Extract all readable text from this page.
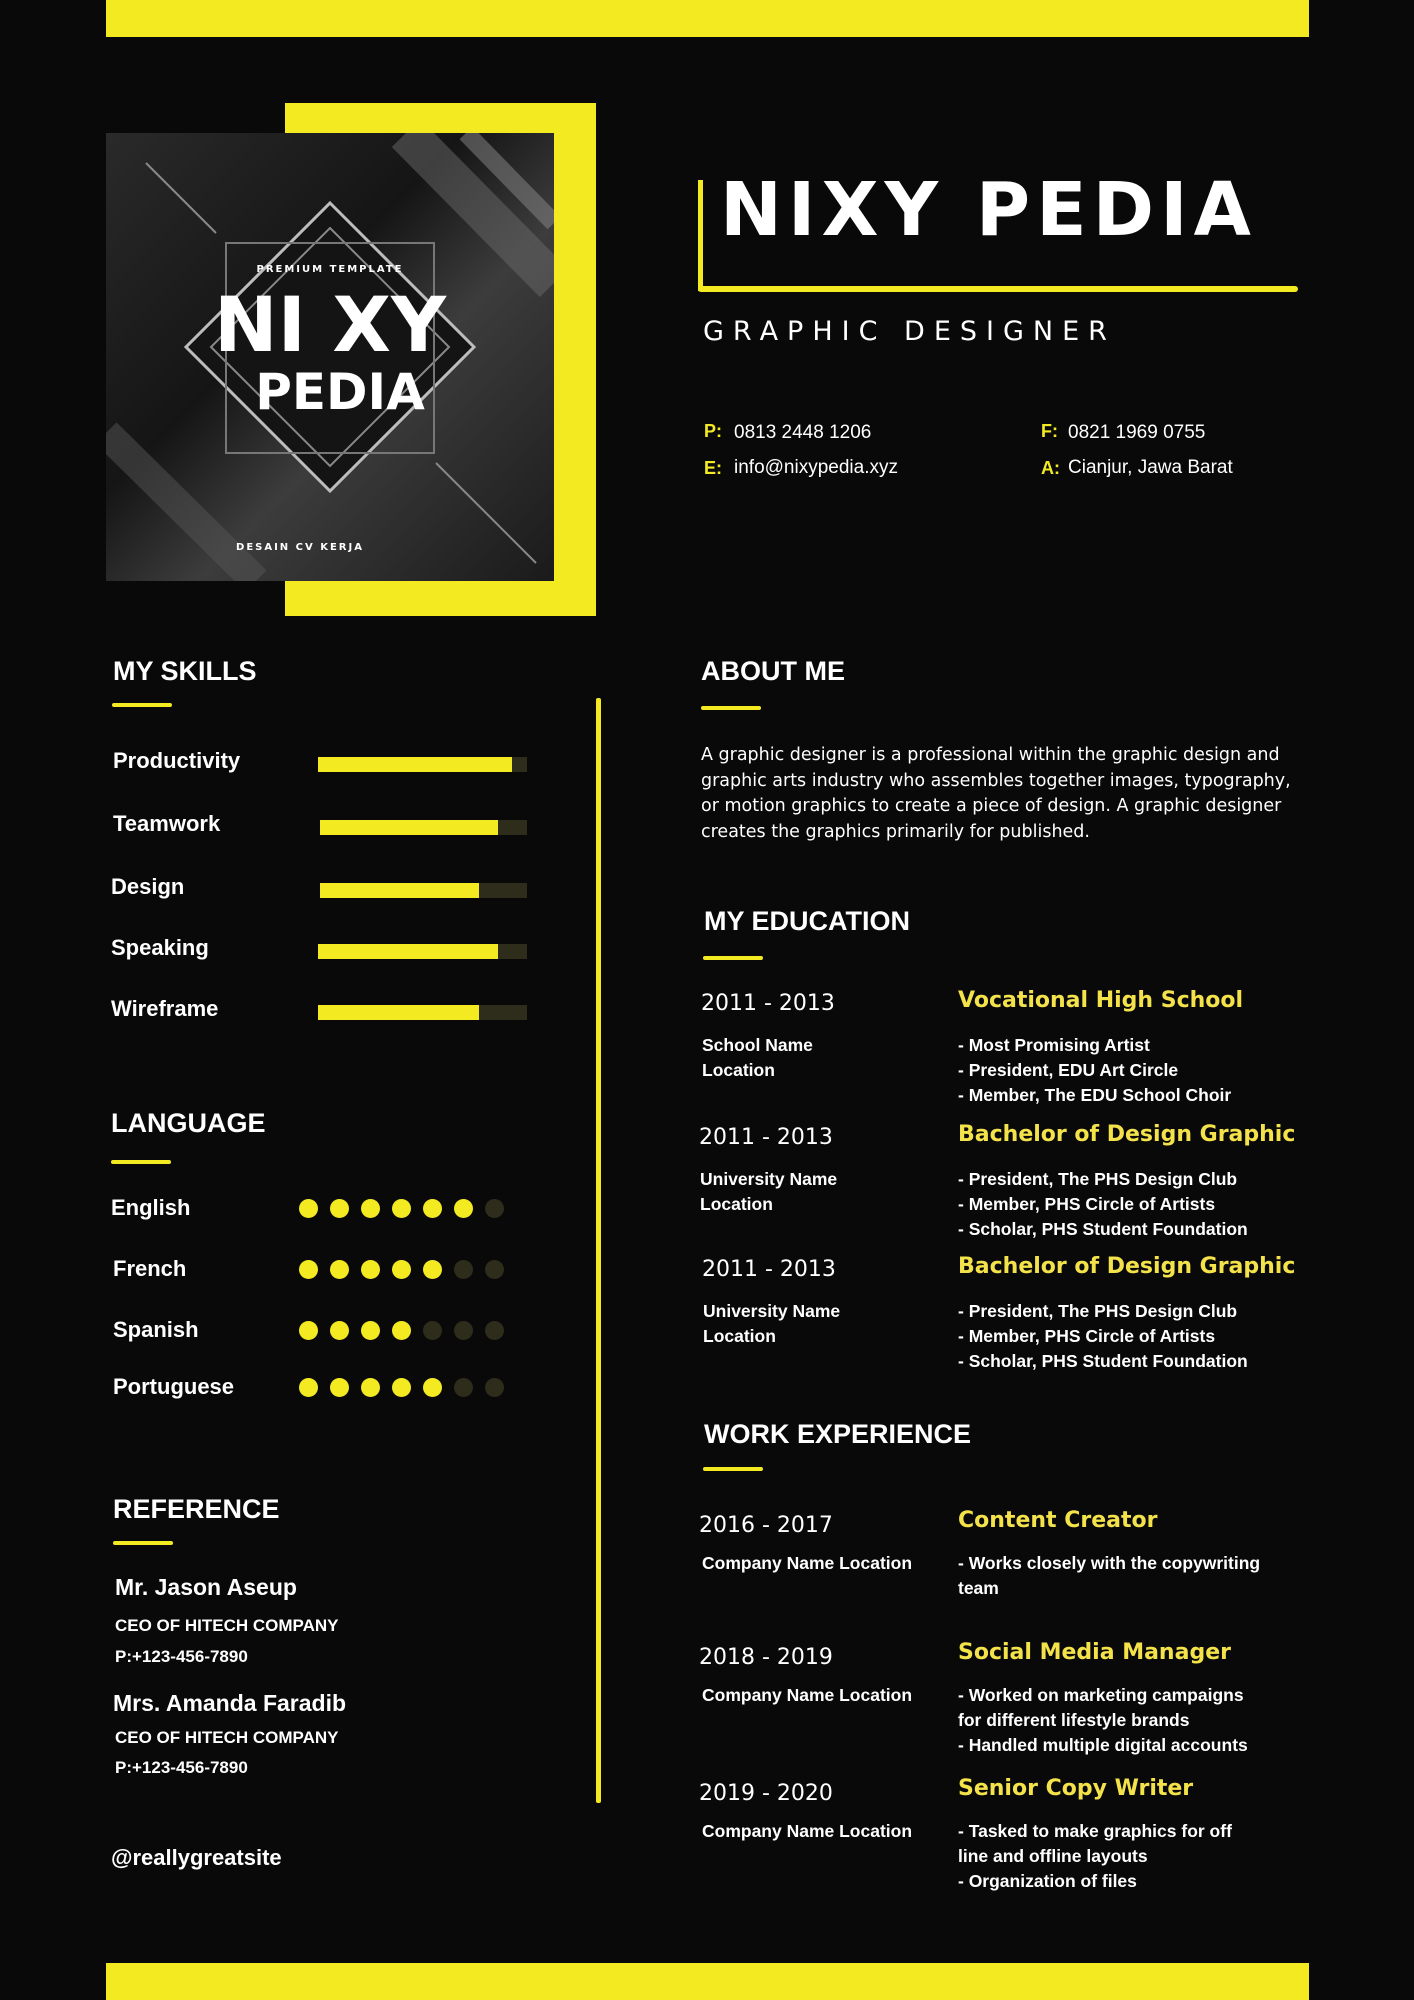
PREMIUM TEMPLATE
NI XY
PEDIA
DESAIN CV KERJA
NIXY PEDIA
GRAPHIC DESIGNER
P: 0813 2448 1206
E: info@nixypedia.xyz
F: 0821 1969 0755
A: Cianjur, Jawa Barat
MY SKILLS
Productivity
Teamwork
Design
Speaking
Wireframe
LANGUAGE
English
French
Spanish
Portuguese
REFERENCE
Mr. Jason Aseup
CEO OF HITECH COMPANY
P:+123-456-7890
Mrs. Amanda Faradib
CEO OF HITECH COMPANY
P:+123-456-7890
@reallygreatsite
ABOUT ME
A graphic designer is a professional within the graphic design and graphic arts industry who assembles together images, typography, or motion graphics to create a piece of design. A graphic designer creates the graphics primarily for published.
MY EDUCATION
2011 - 2013	Vocational High School
School Name
Location
- Most Promising Artist
- President, EDU Art Circle
- Member, The EDU School Choir
2011 - 2013	Bachelor of Design Graphic
University Name
Location
- President, The PHS Design Club
- Member, PHS Circle of Artists
- Scholar, PHS Student Foundation
2011 - 2013	Bachelor of Design Graphic
University Name
Location
- President, The PHS Design Club
- Member, PHS Circle of Artists
- Scholar, PHS Student Foundation
WORK EXPERIENCE
2016 - 2017	Content Creator
Company Name Location	- Works closely with the copywriting
team
2018 - 2019	Social Media Manager
Company Name Location	- Worked on marketing campaigns
for different lifestyle brands
- Handled multiple digital accounts
2019 - 2020	Senior Copy Writer
Company Name Location	- Tasked to make graphics for off
line and offline layouts
- Organization of files
